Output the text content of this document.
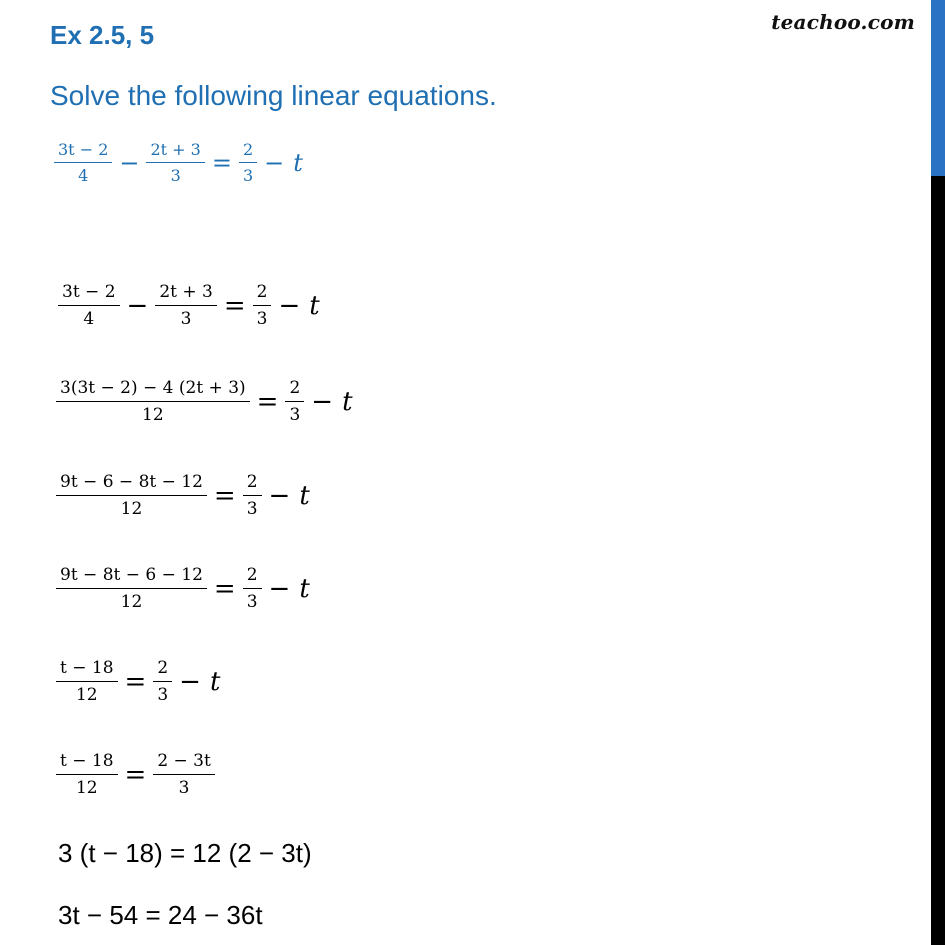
Ex 2.5, 5	teachoo.com
Solve the following linear equations.
$\frac{3t - 2}{4} - \frac{2t + 3}{3} = \frac{2}{3} - t$
$\frac{3t - 2}{4} - \frac{2t + 3}{3} = \frac{2}{3} - t$
$\frac{3(3t - 2) - 4 (2t + 3)}{12} = \frac{2}{3} - t$
$\frac{9t - 6 - 8t - 12}{12} = \frac{2}{3} - t$
$\frac{9t - 8t - 6 - 12}{12} = \frac{2}{3} - t$
$\frac{t - 18}{12} = \frac{2}{3} - t$
$\frac{t - 18}{12} = \frac{2 - 3t}{3}$
3 (t − 18) = 12 (2 − 3t)
3t − 54 = 24 − 36t
